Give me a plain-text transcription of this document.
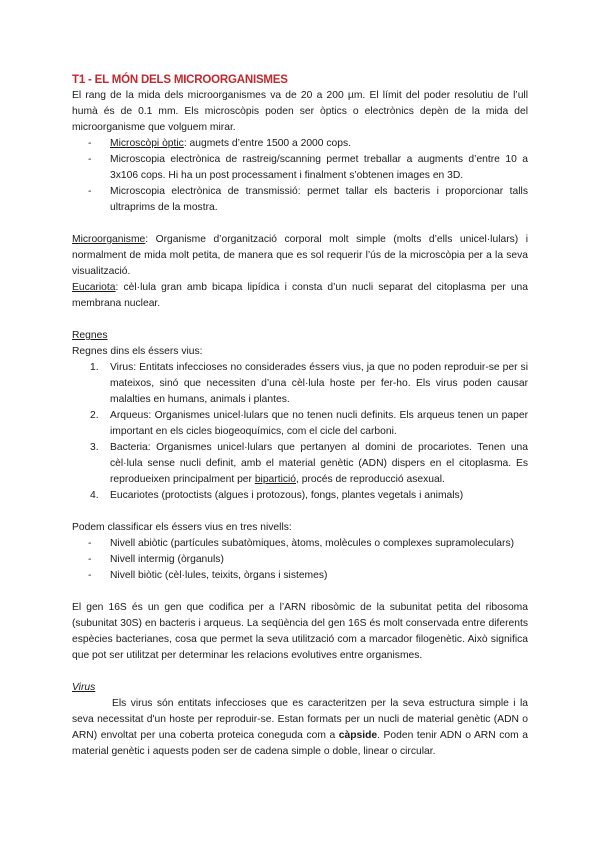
T1 - EL MÓN DELS MICROORGANISMES

El rang de la mida dels microorganismes va de 20 a 200 µm. El límit del poder resolutiu de l’ull humà és de 0.1 mm. Els microscòpis poden ser òptics o electrònics depèn de la mida del microorganisme que volguem mirar.

- Microscòpi òptic: augmets d’entre 1500 a 2000 cops.
- Microscopia electrònica de rastreig/scanning permet treballar a augments d’entre 10 a 3x106 cops. Hi ha un post processament i finalment s’obtenen images en 3D.
- Microscopia electrònica de transmissió: permet tallar els bacteris i proporcionar talls ultraprims de la mostra.

Microorganisme: Organisme d’organització corporal molt simple (molts d’ells unicel·lulars) i normalment de mida molt petita, de manera que es sol requerir l’ús de la microscòpia per a la seva visualització.

Eucariota: cèl·lula gran amb bicapa lipídica i consta d’un nucli separat del citoplasma per una membrana nuclear.

Regnes

Regnes dins els éssers vius:

1. Virus: Entitats infeccioses no considerades éssers vius, ja que no poden reproduir-se per si mateixos, sinó que necessiten d’una cèl·lula hoste per fer-ho. Els virus poden causar malalties en humans, animals i plantes.
2. Arqueus: Organismes unicel·lulars que no tenen nucli definits. Els arqueus tenen un paper important en els cicles biogeoquímics, com el cicle del carboni.
3. Bacteria: Organismes unicel·lulars que pertanyen al domini de procariotes. Tenen una cèl·lula sense nucli definit, amb el material genètic (ADN) dispers en el citoplasma. Es reprodueixen principalment per bipartició, procés de reproducció asexual.
4. Eucariotes (protoctists (algues i protozous), fongs, plantes vegetals i animals)

Podem classificar els éssers vius en tres nivells:

- Nivell abiòtic (partícules subatòmiques, àtoms, molècules o complexes supramoleculars)
- Nivell intermig (òrganuls)
- Nivell biòtic (cèl·lules, teixits, òrgans i sistemes)

El gen 16S és un gen que codifica per a l’ARN ribosòmic de la subunitat petita del ribosoma (subunitat 30S) en bacteris i arqueus. La seqüència del gen 16S és molt conservada entre diferents espècies bacterianes, cosa que permet la seva utilització com a marcador filogenètic. Això significa que pot ser utilitzat per determinar les relacions evolutives entre organismes.

Virus

Els virus són entitats infeccioses que es caracteritzen per la seva estructura simple i la seva necessitat d'un hoste per reproduir-se. Estan formats per un nucli de material genètic (ADN o ARN) envoltat per una coberta proteica coneguda com a càpside. Poden tenir ADN o ARN com a material genètic i aquests poden ser de cadena simple o doble, linear o circular.
